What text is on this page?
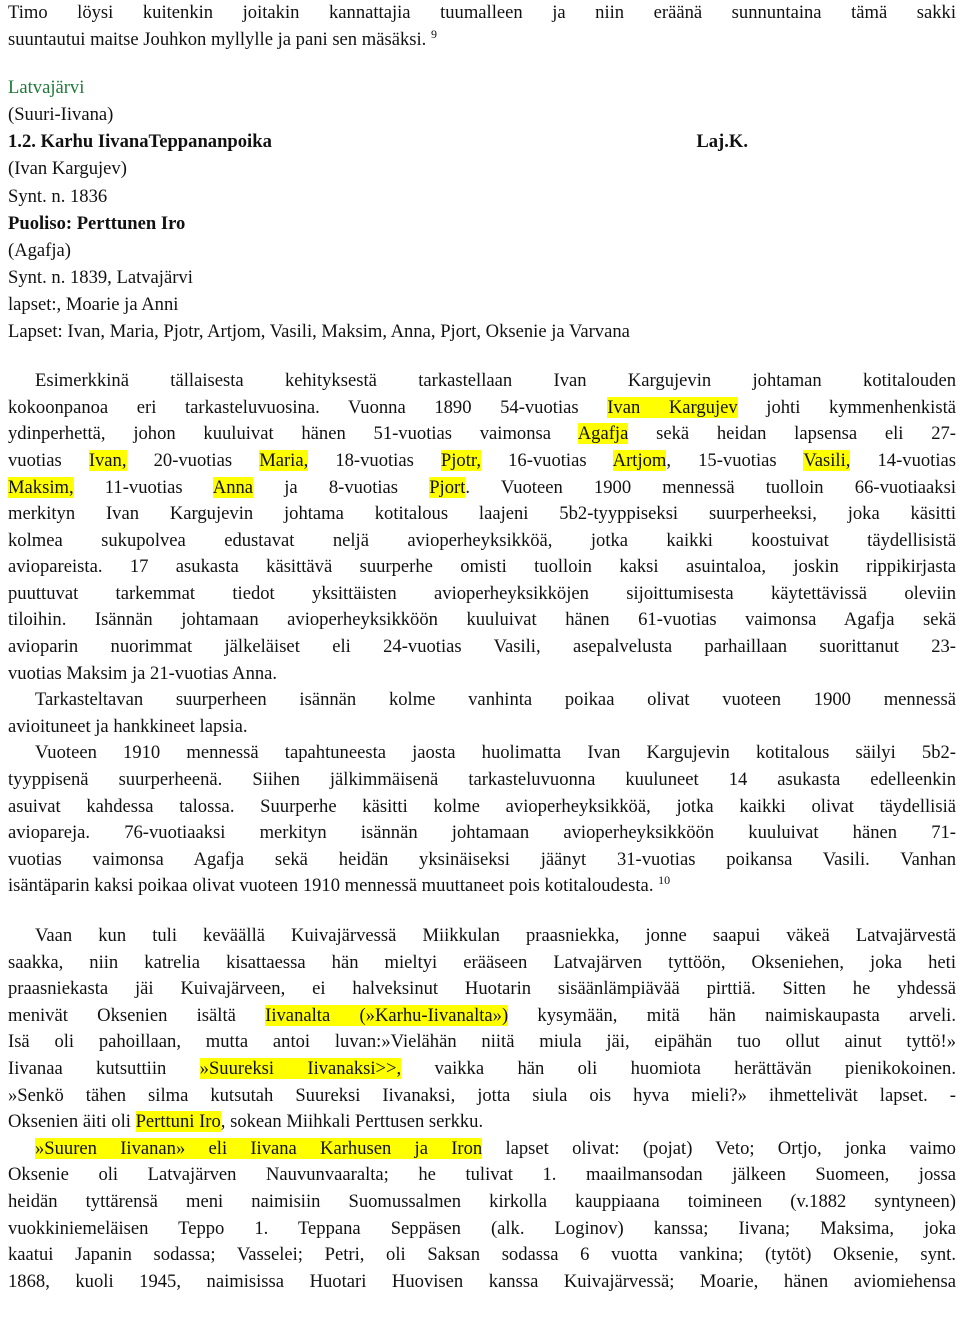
Timo löysi kuitenkin joitakin kannattajia tuumalleen ja niin eräänä sunnuntaina tämä sakki

suuntautui maitse Jouhkon myllylle ja pani sen mäsäksi. $^9$

Latvajärvi

(Suuri-Iivana)

1.2. Karhu IivanaTeppananpoika	Laj.K.

(Ivan Kargujev)

Synt. n. 1836

Puoliso: Perttunen Iro

(Agafja)

Synt. n. 1839, Latvajärvi

lapset:, Moarie ja Anni

Lapset: Ivan, Maria, Pjotr, Artjom, Vasili, Maksim, Anna, Pjort, Oksenie ja Varvana

Esimerkkinä tällaisesta kehityksestä tarkastellaan Ivan Kargujevin johtaman kotitalouden

kokoonpanoa eri tarkasteluvuosina. Vuonna 1890 54-vuotias Ivan Kargujev johti kymmenhenkistä

ydinperhettä, johon kuuluivat hänen 51-vuotias vaimonsa Agafja sekä heidan lapsensa eli 27-

vuotias Ivan, 20-vuotias Maria, 18-vuotias Pjotr, 16-vuotias Artjom, 15-vuotias Vasili, 14-vuotias

Maksim, 11-vuotias Anna ja 8-vuotias Pjort. Vuoteen 1900 mennessä tuolloin 66-vuotiaaksi

merkityn Ivan Kargujevin johtama kotitalous laajeni 5b2-tyyppiseksi suurperheeksi, joka käsitti

kolmea sukupolvea edustavat neljä avioperheyksikköä, jotka kaikki koostuivat täydellisistä

aviopareista. 17 asukasta käsittävä suurperhe omisti tuolloin kaksi asuintaloa, joskin rippikirjasta

puuttuvat tarkemmat tiedot yksittäisten avioperheyksikköjen sijoittumisesta käytettävissä oleviin

tiloihin. Isännän johtamaan avioperheyksikköön kuuluivat hänen 61-vuotias vaimonsa Agafja sekä

avioparin nuorimmat jälkeläiset eli 24-vuotias Vasili, asepalvelusta parhaillaan suorittanut 23-

vuotias Maksim ja 21-vuotias Anna.

Tarkasteltavan suurperheen isännän kolme vanhinta poikaa olivat vuoteen 1900 mennessä

avioituneet ja hankkineet lapsia.

Vuoteen 1910 mennessä tapahtuneesta jaosta huolimatta Ivan Kargujevin kotitalous säilyi 5b2-

tyyppisenä suurperheenä. Siihen jälkimmäisenä tarkasteluvuonna kuuluneet 14 asukasta edelleenkin

asuivat kahdessa talossa. Suurperhe käsitti kolme avioperheyksikköä, jotka kaikki olivat täydellisiä

aviopareja. 76-vuotiaaksi merkityn isännän johtamaan avioperheyksikköön kuuluivat hänen 71-

vuotias vaimonsa Agafja sekä heidän yksinäiseksi jäänyt 31-vuotias poikansa Vasili. Vanhan

isäntäparin kaksi poikaa olivat vuoteen 1910 mennessä muuttaneet pois kotitaloudesta. $^{10}$

Vaan kun tuli keväällä Kuivajärvessä Miikkulan praasniekka, jonne saapui väkeä Latvajärvestä

saakka, niin katrelia kisattaessa hän mieltyi erääseen Latvajärven tyttöön, Okseniehen, joka heti

praasniekasta jäi Kuivajärveen, ei halveksinut Huotarin sisäänlämpiävää pirttiä. Sitten he yhdessä

menivät Oksenien isältä Iivanalta (»Karhu-Iivanalta») kysymään, mitä hän naimiskaupasta arveli.

Isä oli pahoillaan, mutta antoi luvan:»Vielähän niitä miula jäi, eipähän tuo ollut ainut tyttö!»

Iivanaa kutsuttiin »Suureksi Iivanaksi>>, vaikka hän oli huomiota herättävän pienikokoinen.

»Senkö tähen silma kutsutah Suureksi Iivanaksi, jotta siula ois hyva mieli?» ihmettelivät lapset. -

Oksenien äiti oli Perttuni Iro, sokean Miihkali Perttusen serkku.

»Suuren Iivanan» eli Iivana Karhusen ja Iron lapset olivat: (pojat) Veto; Ortjo, jonka vaimo

Oksenie oli Latvajärven Nauvunvaaralta; he tulivat 1. maailmansodan jälkeen Suomeen, jossa

heidän tyttärensä meni naimisiin Suomussalmen kirkolla kauppiaana toimineen (v.1882 syntyneen)

vuokkiniemeläisen Teppo 1. Teppana Seppäsen (alk. Loginov) kanssa; Iivana; Maksima, joka

kaatui Japanin sodassa; Vasselei; Petri, oli Saksan sodassa 6 vuotta vankina; (tytöt) Oksenie, synt.

1868, kuoli 1945, naimisissa Huotari Huovisen kanssa Kuivajärvessä; Moarie, hänen aviomiehensa
